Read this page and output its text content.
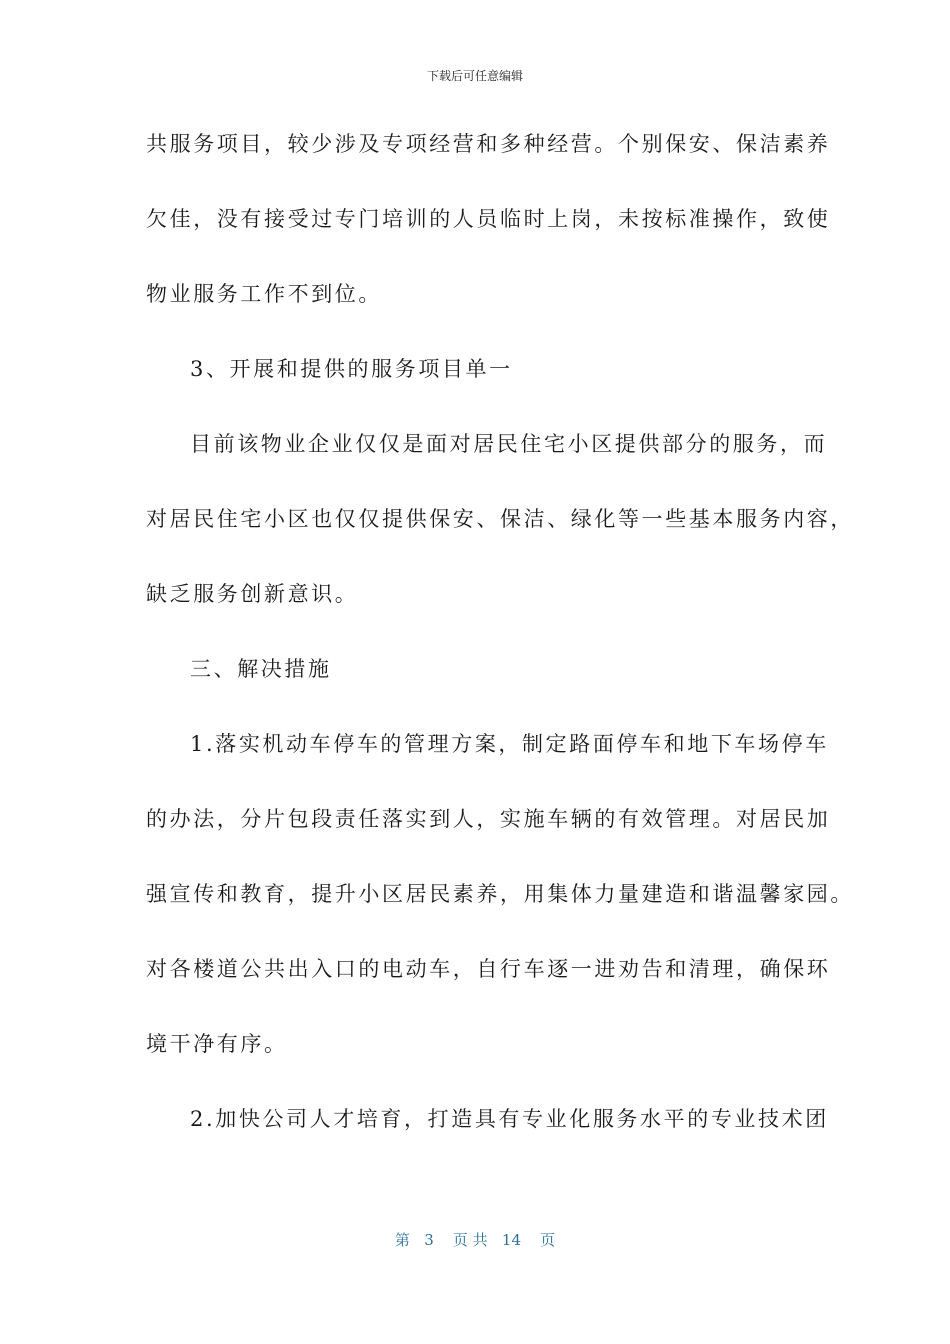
下载后可任意编辑
共服务项目，较少涉及专项经营和多种经营。个别保安、保洁素养
欠佳，没有接受过专门培训的人员临时上岗，未按标准操作，致使
物业服务工作不到位。
3、开展和提供的服务项目单一
目前该物业企业仅仅是面对居民住宅小区提供部分的服务，而
对居民住宅小区也仅仅提供保安、保洁、绿化等一些基本服务内容，
缺乏服务创新意识。
三、解决措施
1.落实机动车停车的管理方案，制定路面停车和地下车场停车
的办法，分片包段责任落实到人，实施车辆的有效管理。对居民加
强宣传和教育，提升小区居民素养，用集体力量建造和谐温馨家园。
对各楼道公共出入口的电动车，自行车逐一进劝告和清理，确保环
境干净有序。
2.加快公司人才培育，打造具有专业化服务水平的专业技术团
第   3    页 共   14    页
